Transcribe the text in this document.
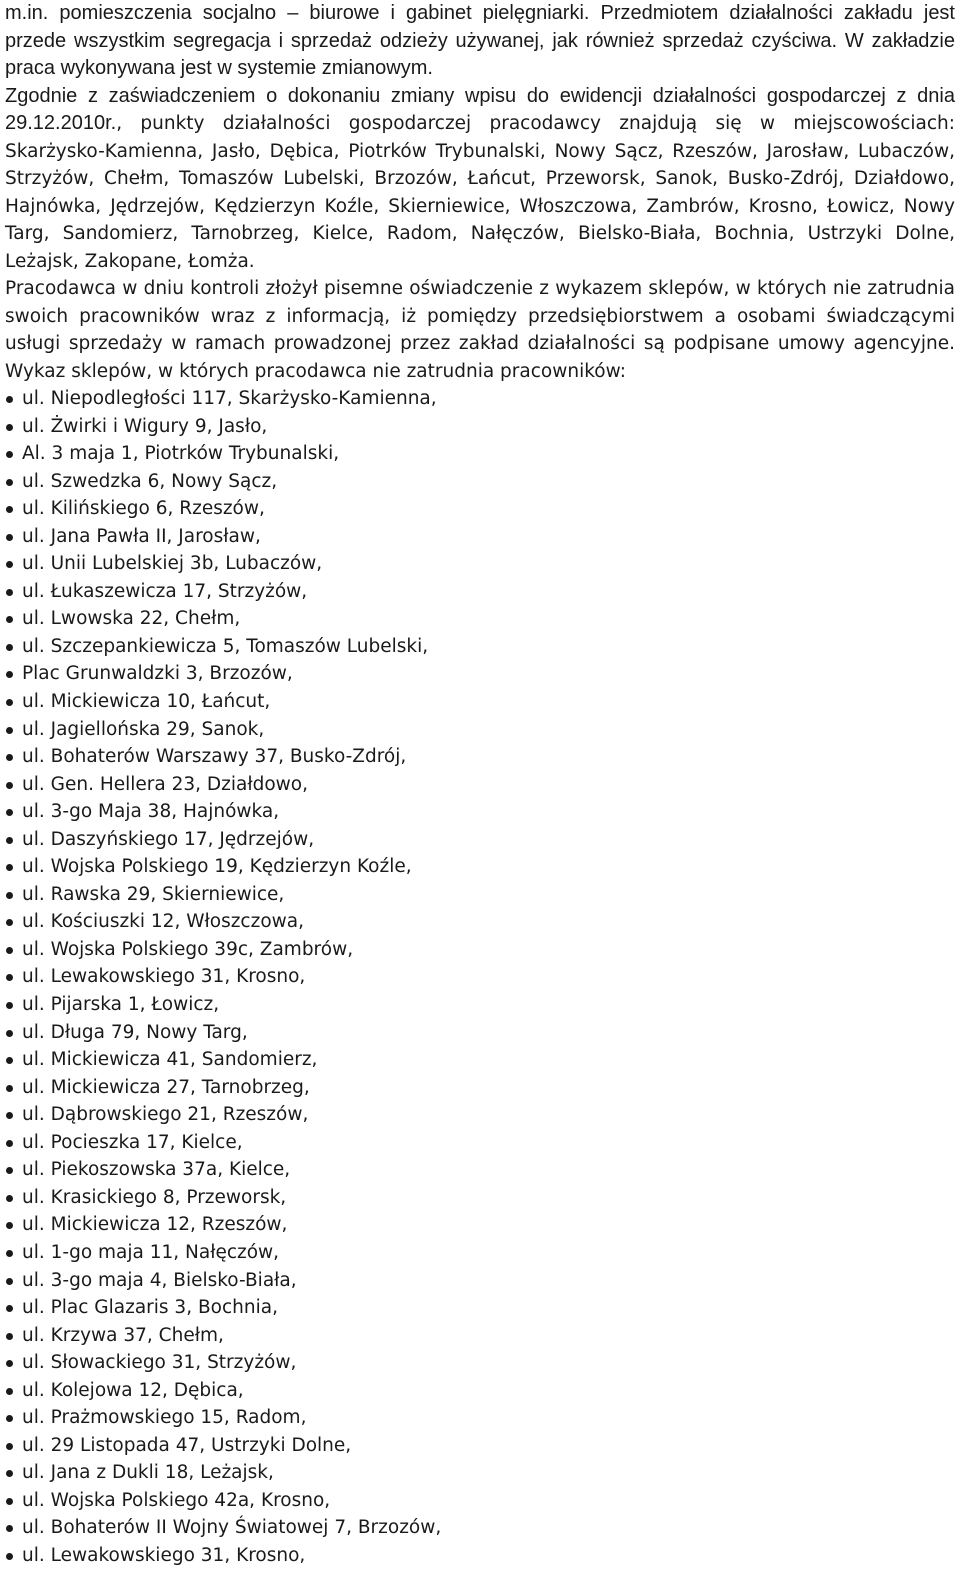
m.in. pomieszczenia socjalno – biurowe i gabinet pielęgniarki. Przedmiotem działalności zakładu jest przede wszystkim segregacja i sprzedaż odzieży używanej, jak również sprzedaż czyściwa. W zakładzie praca wykonywana jest w systemie zmianowym.

Zgodnie z zaświadczeniem o dokonaniu zmiany wpisu do ewidencji działalności gospodarczej z dnia 29.12.2010r., punkty działalności gospodarczej pracodawcy znajdują się w miejscowościach: Skarżysko-Kamienna, Jasło, Dębica, Piotrków Trybunalski, Nowy Sącz, Rzeszów, Jarosław, Lubaczów, Strzyżów, Chełm, Tomaszów Lubelski, Brzozów, Łańcut, Przeworsk, Sanok, Busko-Zdrój, Działdowo, Hajnówka, Jędrzejów, Kędzierzyn Koźle, Skierniewice, Włoszczowa, Zambrów, Krosno, Łowicz, Nowy Targ, Sandomierz, Tarnobrzeg, Kielce, Radom, Nałęczów, Bielsko-Biała, Bochnia, Ustrzyki Dolne, Leżajsk, Zakopane, Łomża.

Pracodawca w dniu kontroli złożył pisemne oświadczenie z wykazem sklepów, w których nie zatrudnia swoich pracowników wraz z informacją, iż pomiędzy przedsiębiorstwem a osobami świadczącymi usługi sprzedaży w ramach prowadzonej przez zakład działalności są podpisane umowy agencyjne. Wykaz sklepów, w których pracodawca nie zatrudnia pracowników:

ul. Niepodległości 117, Skarżysko-Kamienna,
ul. Żwirki i Wigury 9, Jasło,
Al. 3 maja 1, Piotrków Trybunalski,
ul. Szwedzka 6, Nowy Sącz,
ul. Kilińskiego 6, Rzeszów,
ul. Jana Pawła II, Jarosław,
ul. Unii Lubelskiej 3b, Lubaczów,
ul. Łukaszewicza 17, Strzyżów,
ul. Lwowska 22, Chełm,
ul. Szczepankiewicza 5, Tomaszów Lubelski,
Plac Grunwaldzki 3, Brzozów,
ul. Mickiewicza 10, Łańcut,
ul. Jagiellońska 29, Sanok,
ul. Bohaterów Warszawy 37, Busko-Zdrój,
ul. Gen. Hellera 23, Działdowo,
ul. 3-go Maja 38, Hajnówka,
ul. Daszyńskiego 17, Jędrzejów,
ul. Wojska Polskiego 19, Kędzierzyn Koźle,
ul. Rawska 29, Skierniewice,
ul. Kościuszki 12, Włoszczowa,
ul. Wojska Polskiego 39c, Zambrów,
ul. Lewakowskiego 31, Krosno,
ul. Pijarska 1, Łowicz,
ul. Długa 79, Nowy Targ,
ul. Mickiewicza 41, Sandomierz,
ul. Mickiewicza 27, Tarnobrzeg,
ul. Dąbrowskiego 21, Rzeszów,
ul. Pocieszka 17, Kielce,
ul. Piekoszowska 37a, Kielce,
ul. Krasickiego 8, Przeworsk,
ul. Mickiewicza 12, Rzeszów,
ul. 1-go maja 11, Nałęczów,
ul. 3-go maja 4, Bielsko-Biała,
ul. Plac Glazaris 3, Bochnia,
ul. Krzywa 37, Chełm,
ul. Słowackiego 31, Strzyżów,
ul. Kolejowa 12, Dębica,
ul. Prażmowskiego 15, Radom,
ul. 29 Listopada 47, Ustrzyki Dolne,
ul. Jana z Dukli 18, Leżajsk,
ul. Wojska Polskiego 42a, Krosno,
ul. Bohaterów II Wojny Światowej 7, Brzozów,
ul. Lewakowskiego 31, Krosno,
